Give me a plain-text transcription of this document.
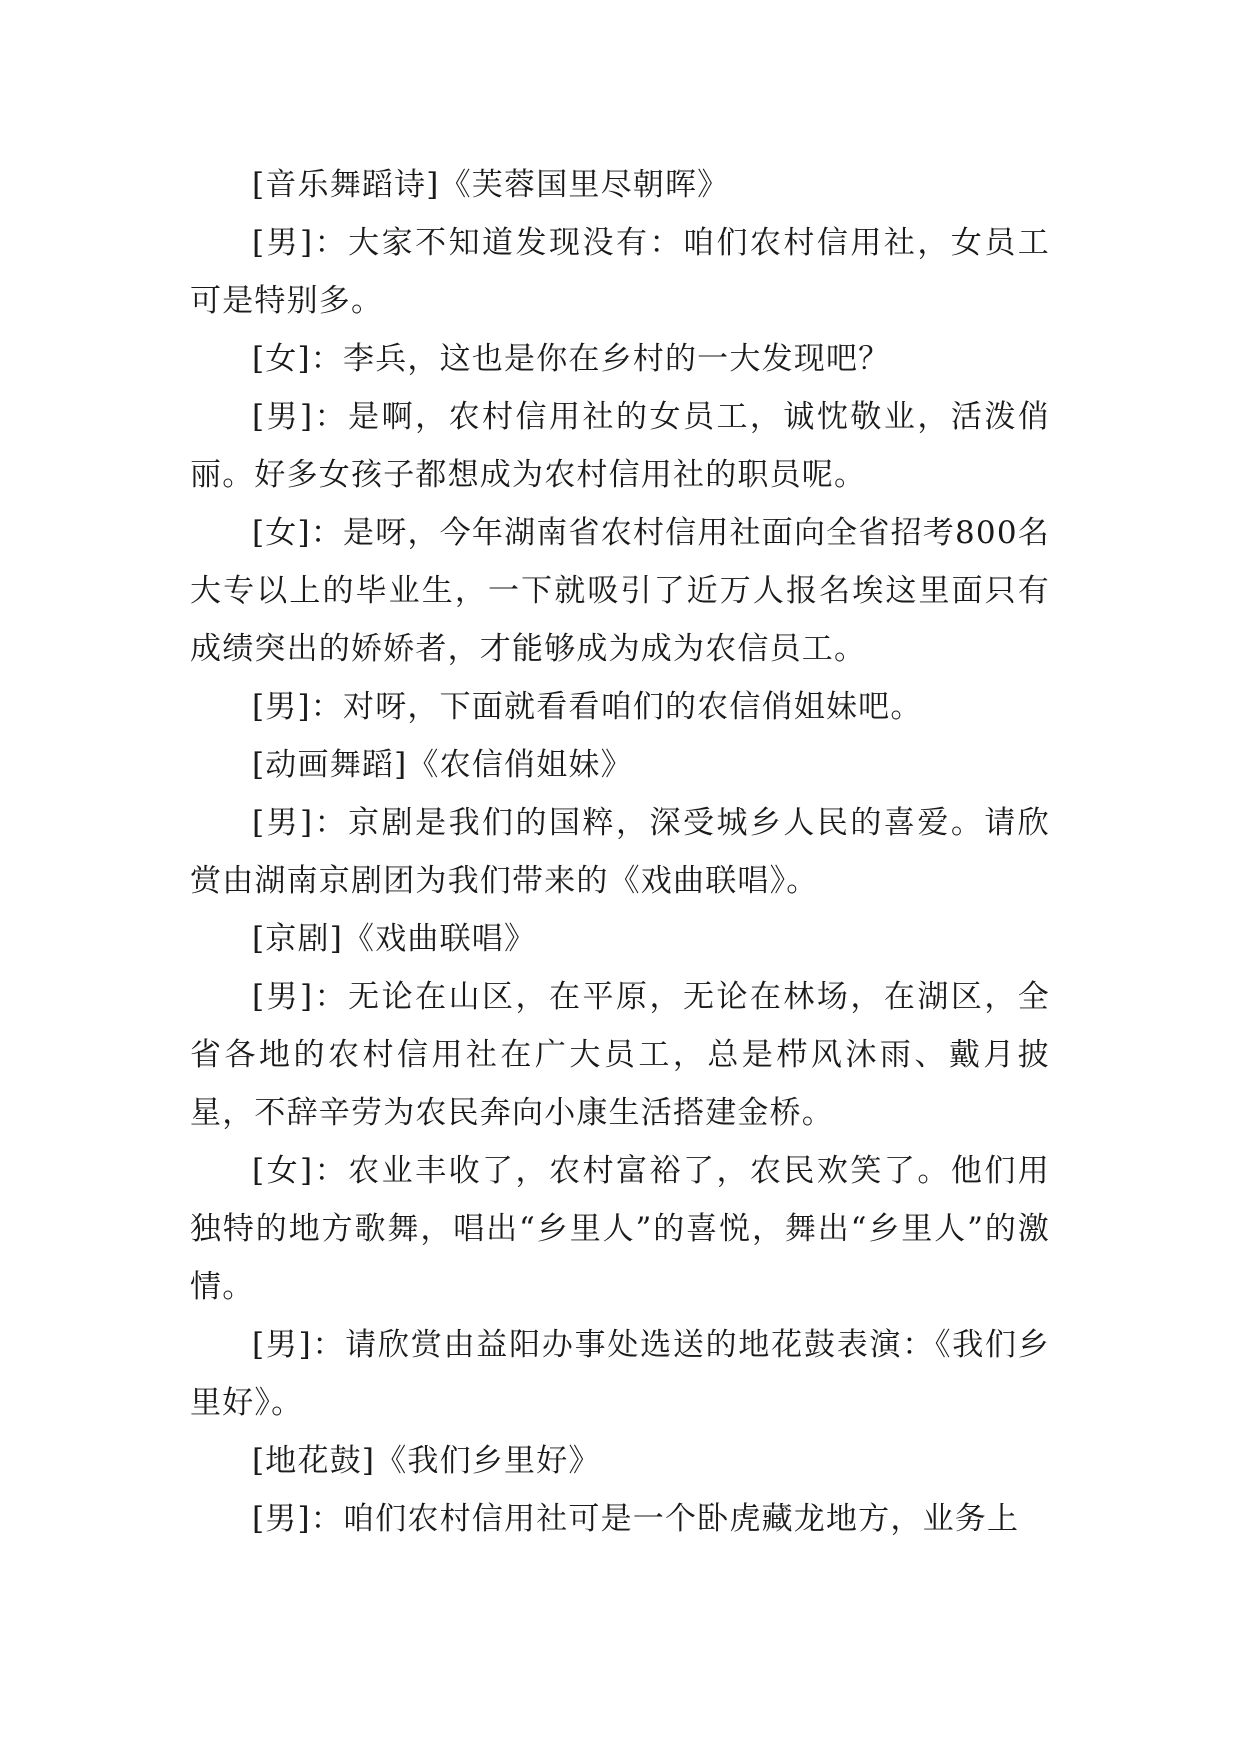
[音乐舞蹈诗]《芙蓉国里尽朝晖》

[男]：大家不知道发现没有：咱们农村信用社，女员工可是特别多。

[女]：李兵，这也是你在乡村的一大发现吧？

[男]：是啊，农村信用社的女员工，诚忱敬业，活泼俏丽。好多女孩子都想成为农村信用社的职员呢。

[女]：是呀，今年湖南省农村信用社面向全省招考800名大专以上的毕业生，一下就吸引了近万人报名埃这里面只有成绩突出的娇娇者，才能够成为成为农信员工。

[男]：对呀，下面就看看咱们的农信俏姐妹吧。

[动画舞蹈]《农信俏姐妹》

[男]：京剧是我们的国粹，深受城乡人民的喜爱。请欣赏由湖南京剧团为我们带来的《戏曲联唱》。

[京剧]《戏曲联唱》

[男]：无论在山区，在平原，无论在林场，在湖区，全省各地的农村信用社在广大员工，总是栉风沐雨、戴月披星，不辞辛劳为农民奔向小康生活搭建金桥。

[女]：农业丰收了，农村富裕了，农民欢笑了。他们用独特的地方歌舞，唱出“乡里人”的喜悦，舞出“乡里人”的激情。

[男]：请欣赏由益阳办事处选送的地花鼓表演：《我们乡里好》。

[地花鼓]《我们乡里好》

[男]：咱们农村信用社可是一个卧虎藏龙地方，业务上
